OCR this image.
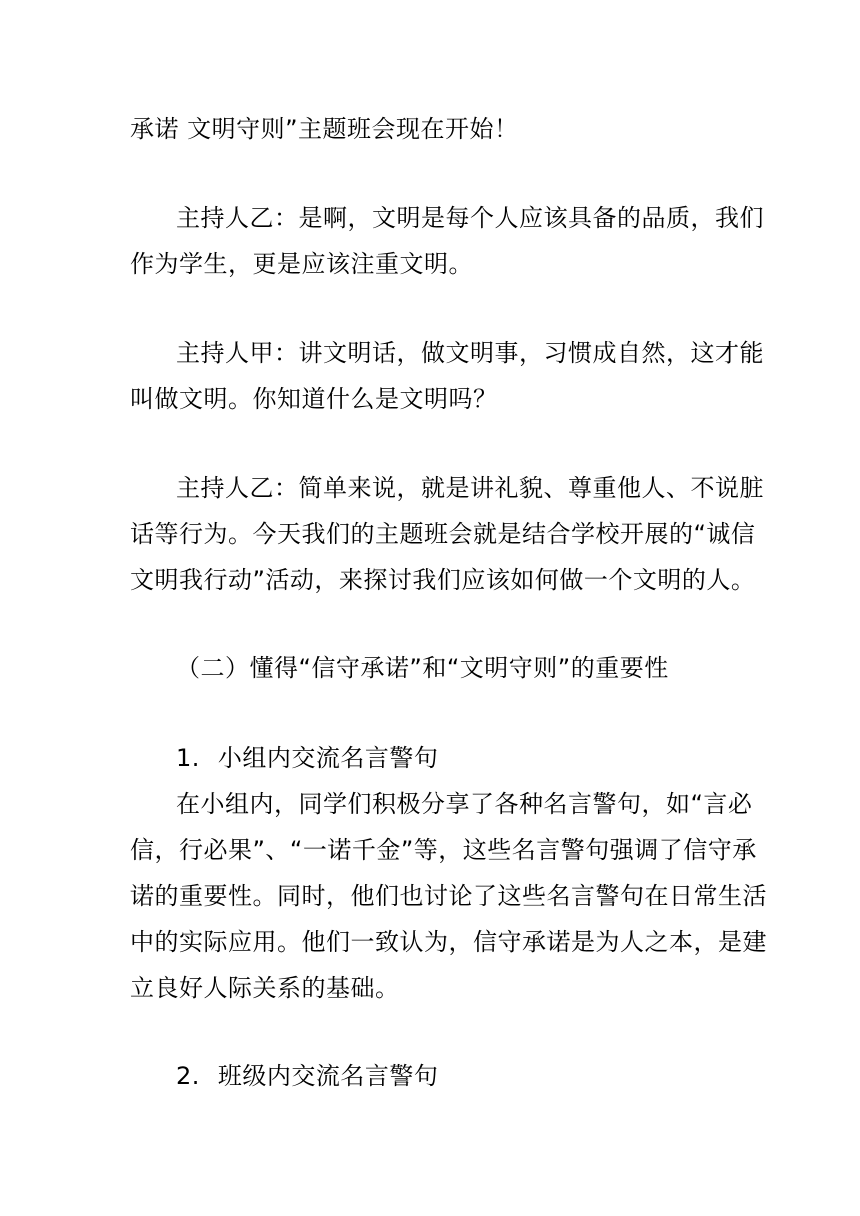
承诺 文明守则”主题班会现在开始！
主持人乙：是啊，文明是每个人应该具备的品质，我们
作为学生，更是应该注重文明。
主持人甲：讲文明话，做文明事，习惯成自然，这才能
叫做文明。你知道什么是文明吗？
主持人乙：简单来说，就是讲礼貌、尊重他人、不说脏
话等行为。今天我们的主题班会就是结合学校开展的“诚信
文明我行动”活动，来探讨我们应该如何做一个文明的人。
（二）懂得“信守承诺”和“文明守则”的重要性
1. 小组内交流名言警句
在小组内，同学们积极分享了各种名言警句，如“言必
信，行必果”、“一诺千金”等，这些名言警句强调了信守承
诺的重要性。同时，他们也讨论了这些名言警句在日常生活
中的实际应用。他们一致认为，信守承诺是为人之本，是建
立良好人际关系的基础。
2. 班级内交流名言警句
